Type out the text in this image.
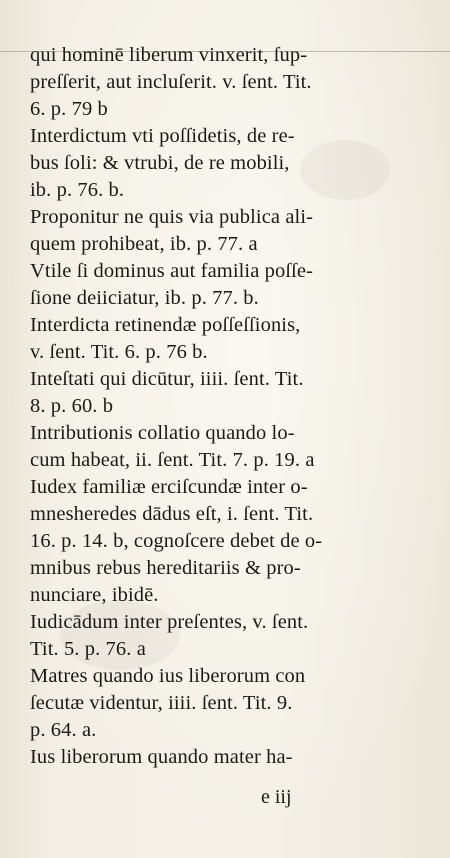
qui hominē liberum vinxerit, ſup-
preſſerit, aut incluſerit. v. ſent. Tit.
6. p. 79 b
Interdictum vti poſſidetis, de re-
bus ſoli: & vtrubi, de re mobili,
ib. p. 76. b.
Proponitur ne quis via publica ali-
quem prohibeat, ib. p. 77. a
Vtile ſi dominus aut familia poſſe-
ſione deiiciatur, ib. p. 77. b.
Interdicta retinendæ poſſeſſionis,
v. ſent. Tit. 6. p. 76 b.
Inteſtati qui dicūtur, iiii. ſent. Tit.
8. p. 60. b
Intributionis collatio quando lo-
cum habeat, ii. ſent. Tit. 7. p. 19. a
Iudex familiæ erciſcundæ inter o-
mnesheredes dādus eſt, i. ſent. Tit.
16. p. 14. b, cognoſcere debet de o-
mnibus rebus hereditariis & pro-
nunciare, ibidē.
Iudicādum inter preſentes, v. ſent.
Tit. 5. p. 76. a
Matres quando ius liberorum con
ſecutæ videntur, iiii. ſent. Tit. 9.
p. 64. a.
Ius liberorum quando mater ha-
e iij
